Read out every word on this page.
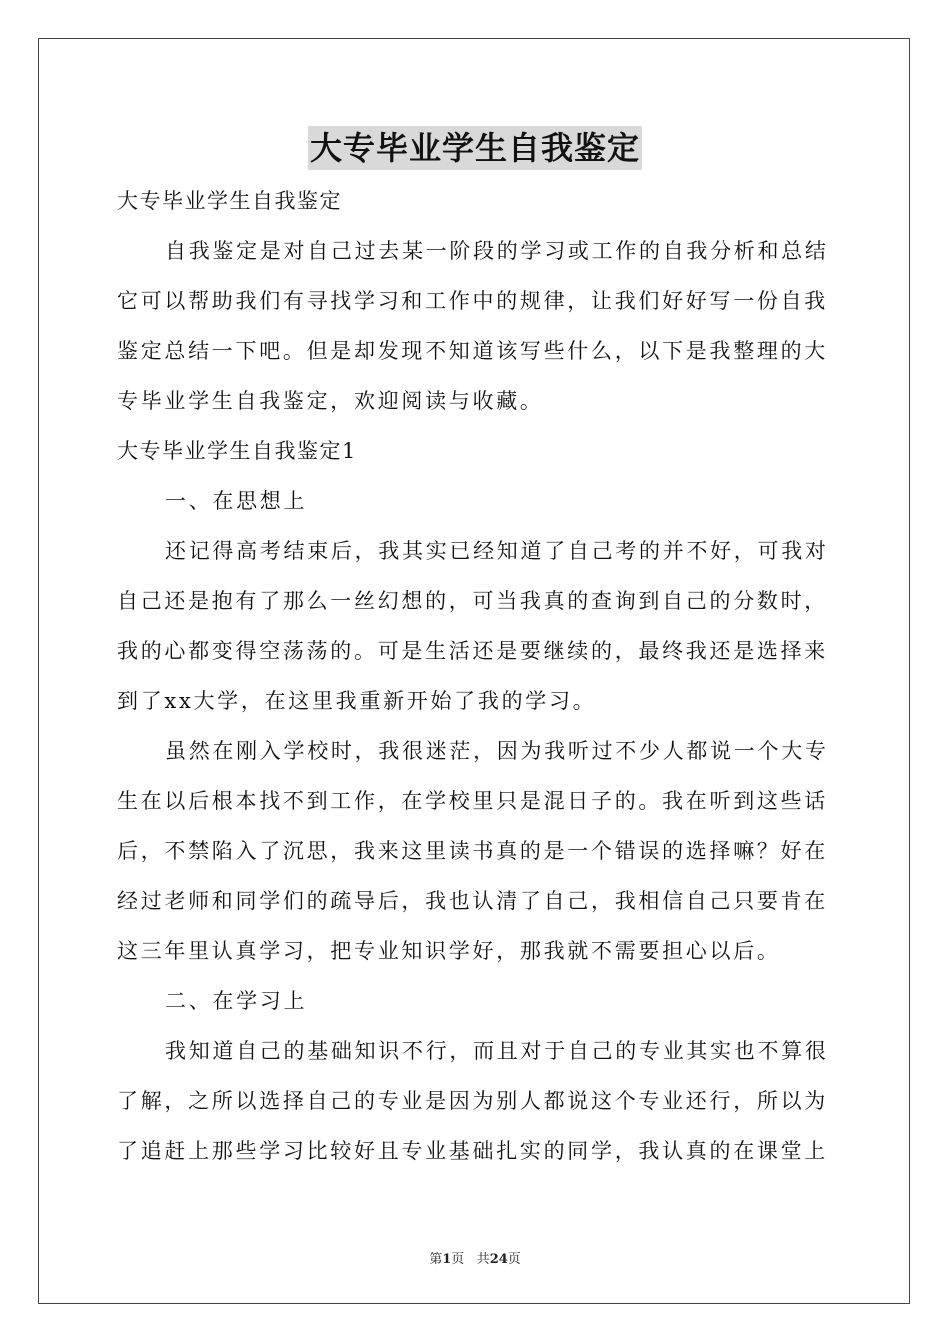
大专毕业学生自我鉴定
大专毕业学生自我鉴定
自我鉴定是对自己过去某一阶段的学习或工作的自我分析和总结
它可以帮助我们有寻找学习和工作中的规律，让我们好好写一份自我
鉴定总结一下吧。但是却发现不知道该写些什么，以下是我整理的大
专毕业学生自我鉴定，欢迎阅读与收藏。
大专毕业学生自我鉴定1
一、在思想上
还记得高考结束后，我其实已经知道了自己考的并不好，可我对
自己还是抱有了那么一丝幻想的，可当我真的查询到自己的分数时，
我的心都变得空荡荡的。可是生活还是要继续的，最终我还是选择来
到了xx大学，在这里我重新开始了我的学习。
虽然在刚入学校时，我很迷茫，因为我听过不少人都说一个大专
生在以后根本找不到工作，在学校里只是混日子的。我在听到这些话
后，不禁陷入了沉思，我来这里读书真的是一个错误的选择嘛？好在
经过老师和同学们的疏导后，我也认清了自己，我相信自己只要肯在
这三年里认真学习，把专业知识学好，那我就不需要担心以后。
二、在学习上
我知道自己的基础知识不行，而且对于自己的专业其实也不算很
了解，之所以选择自己的专业是因为别人都说这个专业还行，所以为
了追赶上那些学习比较好且专业基础扎实的同学，我认真的在课堂上
第1页 共24页
